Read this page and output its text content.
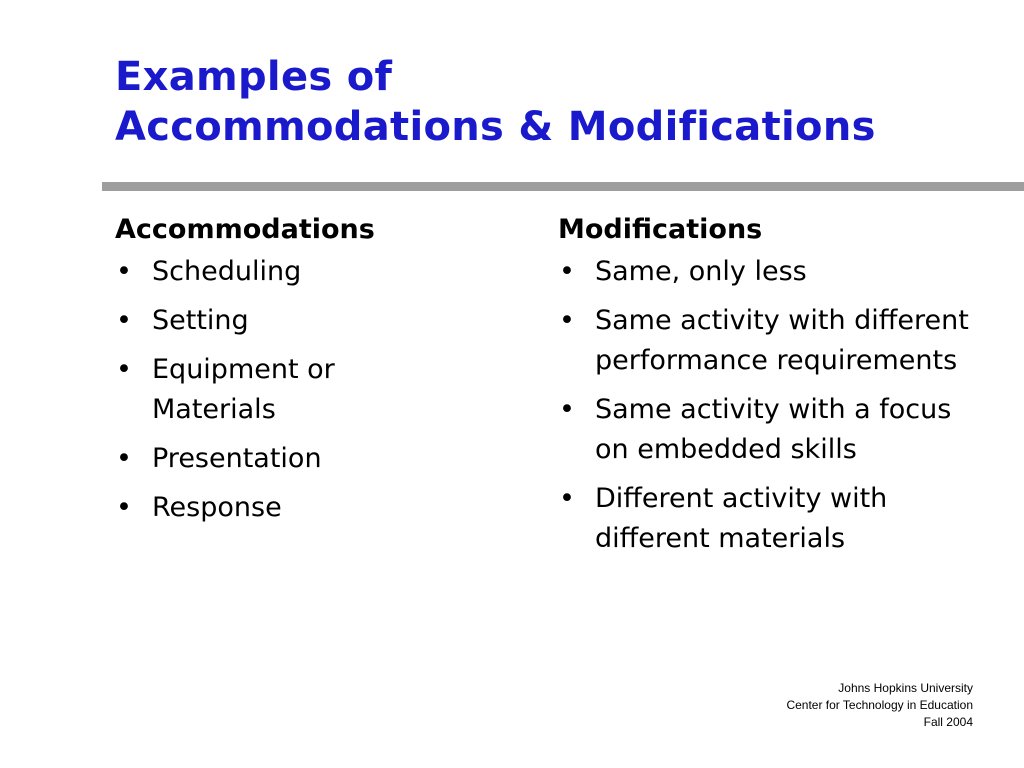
Examples of
Accommodations & Modifications
Accommodations
• Scheduling
• Setting
• Equipment or Materials
• Presentation
• Response
Modifications
• Same, only less
• Same activity with different performance requirements
• Same activity with a focus on embedded skills
• Different activity with different materials
Johns Hopkins University
Center for Technology in Education
Fall 2004
